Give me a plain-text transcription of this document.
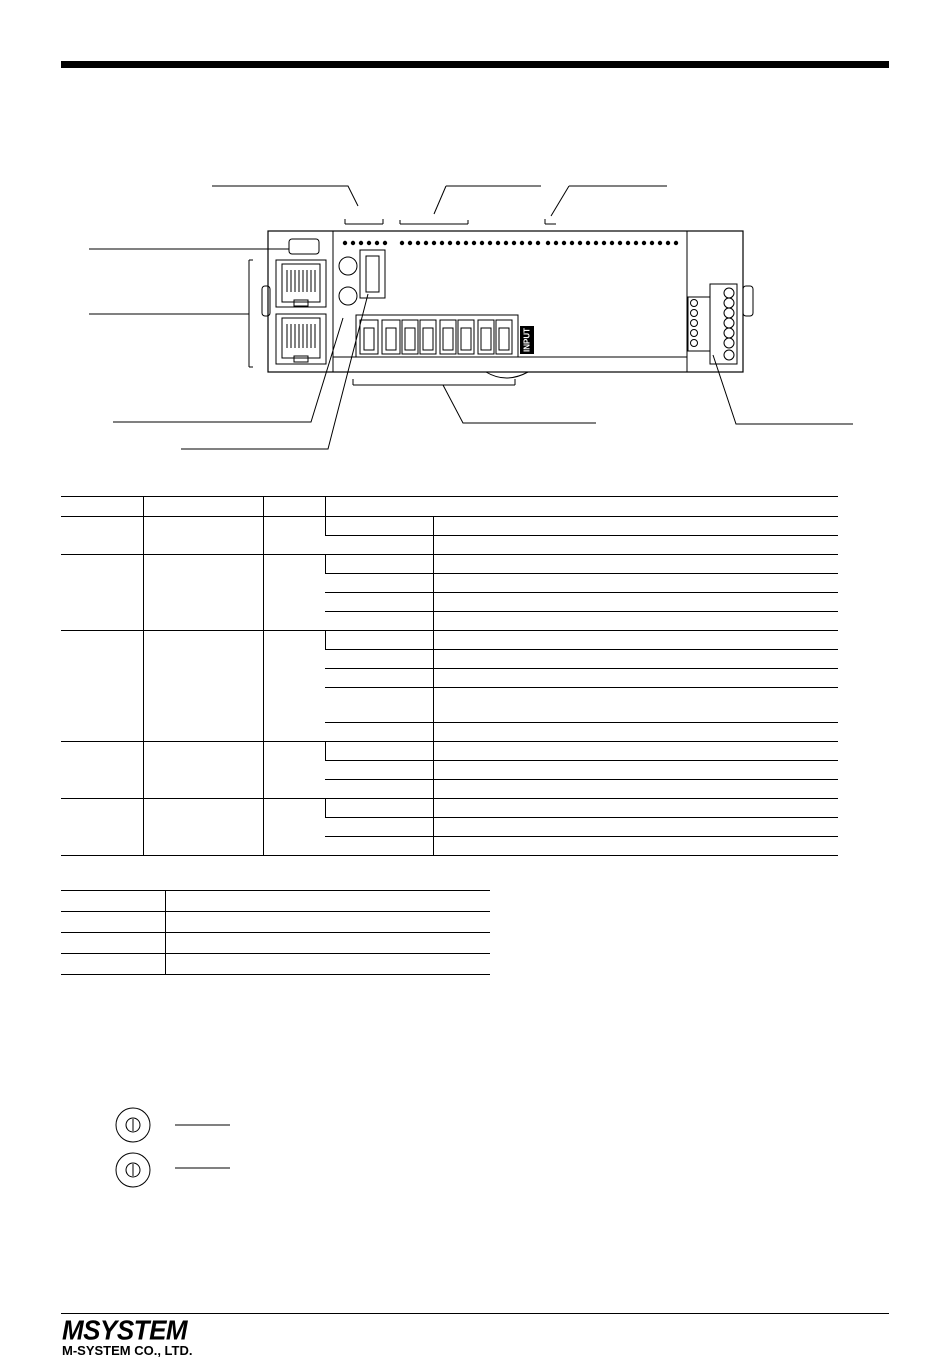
INPUT

MSYSTEM
M-SYSTEM CO., LTD.
